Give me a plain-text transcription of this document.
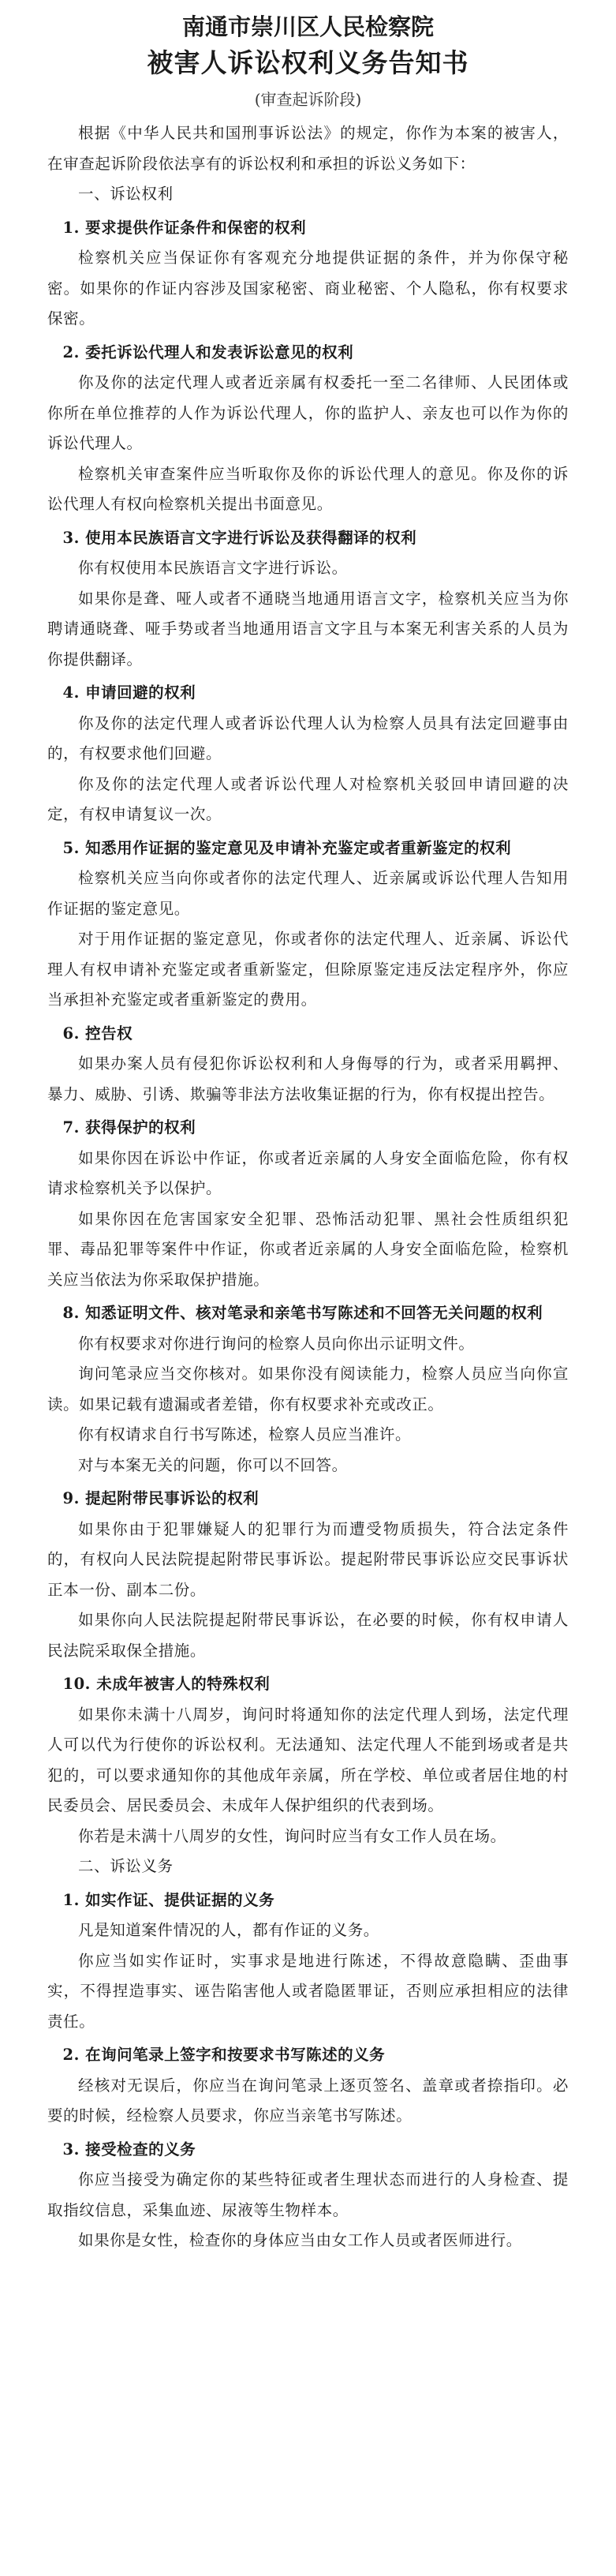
南通市崇川区人民检察院
被害人诉讼权利义务告知书
(审查起诉阶段)
根据《中华人民共和国刑事诉讼法》的规定，你作为本案的被害人，在审查起诉阶段依法享有的诉讼权利和承担的诉讼义务如下：
一、诉讼权利
1. 要求提供作证条件和保密的权利
检察机关应当保证你有客观充分地提供证据的条件，并为你保守秘密。如果你的作证内容涉及国家秘密、商业秘密、个人隐私，你有权要求保密。
2. 委托诉讼代理人和发表诉讼意见的权利
你及你的法定代理人或者近亲属有权委托一至二名律师、人民团体或你所在单位推荐的人作为诉讼代理人，你的监护人、亲友也可以作为你的诉讼代理人。
检察机关审查案件应当听取你及你的诉讼代理人的意见。你及你的诉讼代理人有权向检察机关提出书面意见。
3. 使用本民族语言文字进行诉讼及获得翻译的权利
你有权使用本民族语言文字进行诉讼。
如果你是聋、哑人或者不通晓当地通用语言文字，检察机关应当为你聘请通晓聋、哑手势或者当地通用语言文字且与本案无利害关系的人员为你提供翻译。
4. 申请回避的权利
你及你的法定代理人或者诉讼代理人认为检察人员具有法定回避事由的，有权要求他们回避。
你及你的法定代理人或者诉讼代理人对检察机关驳回申请回避的决定，有权申请复议一次。
5. 知悉用作证据的鉴定意见及申请补充鉴定或者重新鉴定的权利
检察机关应当向你或者你的法定代理人、近亲属或诉讼代理人告知用作证据的鉴定意见。
对于用作证据的鉴定意见，你或者你的法定代理人、近亲属、诉讼代理人有权申请补充鉴定或者重新鉴定，但除原鉴定违反法定程序外，你应当承担补充鉴定或者重新鉴定的费用。
6. 控告权
如果办案人员有侵犯你诉讼权利和人身侮辱的行为，或者采用羁押、暴力、威胁、引诱、欺骗等非法方法收集证据的行为，你有权提出控告。
7. 获得保护的权利
如果你因在诉讼中作证，你或者近亲属的人身安全面临危险，你有权请求检察机关予以保护。
如果你因在危害国家安全犯罪、恐怖活动犯罪、黑社会性质组织犯罪、毒品犯罪等案件中作证，你或者近亲属的人身安全面临危险，检察机关应当依法为你采取保护措施。
8. 知悉证明文件、核对笔录和亲笔书写陈述和不回答无关问题的权利
你有权要求对你进行询问的检察人员向你出示证明文件。
询问笔录应当交你核对。如果你没有阅读能力，检察人员应当向你宣读。如果记载有遗漏或者差错，你有权要求补充或改正。
你有权请求自行书写陈述，检察人员应当准许。
对与本案无关的问题，你可以不回答。
9. 提起附带民事诉讼的权利
如果你由于犯罪嫌疑人的犯罪行为而遭受物质损失，符合法定条件的，有权向人民法院提起附带民事诉讼。提起附带民事诉讼应交民事诉状正本一份、副本二份。
如果你向人民法院提起附带民事诉讼，在必要的时候，你有权申请人民法院采取保全措施。
10. 未成年被害人的特殊权利
如果你未满十八周岁，询问时将通知你的法定代理人到场，法定代理人可以代为行使你的诉讼权利。无法通知、法定代理人不能到场或者是共犯的，可以要求通知你的其他成年亲属，所在学校、单位或者居住地的村民委员会、居民委员会、未成年人保护组织的代表到场。
你若是未满十八周岁的女性，询问时应当有女工作人员在场。
二、诉讼义务
1. 如实作证、提供证据的义务
凡是知道案件情况的人，都有作证的义务。
你应当如实作证时，实事求是地进行陈述，不得故意隐瞒、歪曲事实，不得捏造事实、诬告陷害他人或者隐匿罪证，否则应承担相应的法律责任。
2. 在询问笔录上签字和按要求书写陈述的义务
经核对无误后，你应当在询问笔录上逐页签名、盖章或者捺指印。必要的时候，经检察人员要求，你应当亲笔书写陈述。
3. 接受检查的义务
你应当接受为确定你的某些特征或者生理状态而进行的人身检查、提取指纹信息，采集血迹、尿液等生物样本。
如果你是女性，检查你的身体应当由女工作人员或者医师进行。
